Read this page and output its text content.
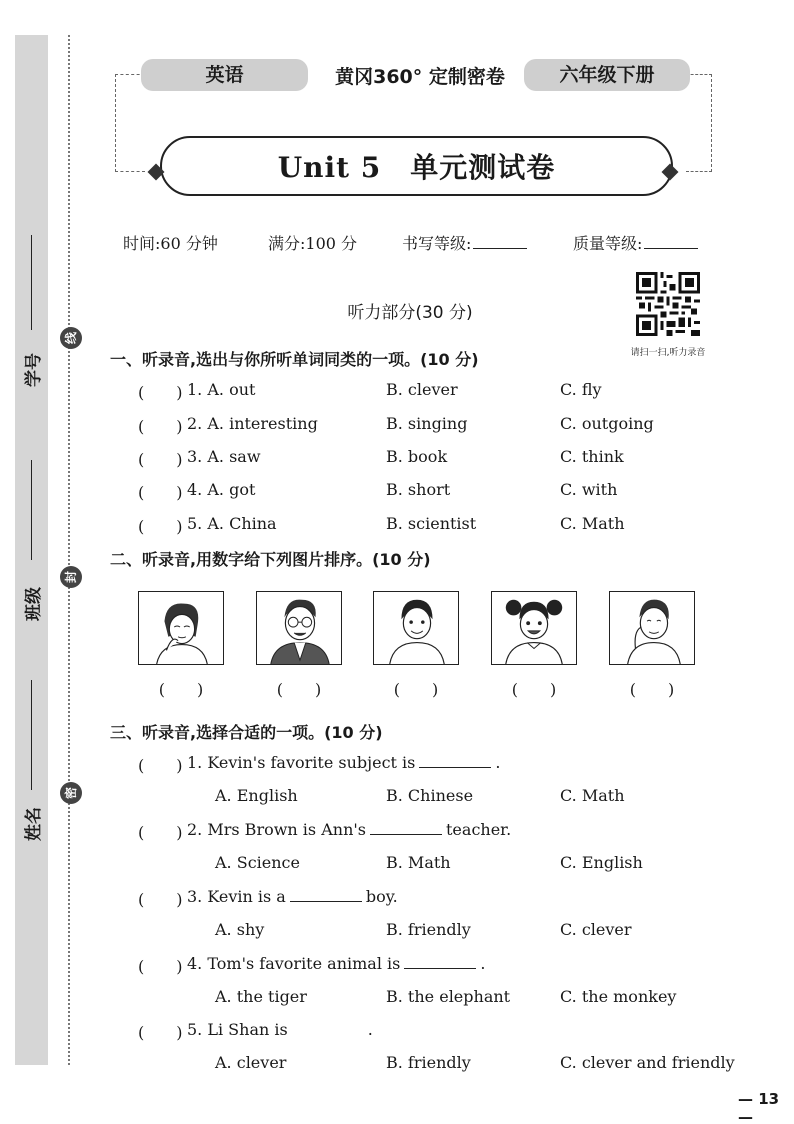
学号
班级
姓名
线
封
密
英语	黄冈360° 定制密卷	六年级下册
Unit 5　单元测试卷
时间:60 分钟	满分:100 分	书写等级:	质量等级:
请扫一扫,听力录音
听力部分(30 分)
一、听录音,选出与你所听单词同类的一项。(10 分)
(　　) 1. A. out	B. clever	C. fly
(　　) 2. A. interesting	B. singing	C. outgoing
(　　) 3. A. saw	B. book	C. think
(　　) 4. A. got	B. short	C. with
(　　) 5. A. China	B. scientist	C. Math
二、听录音,用数字给下列图片排序。(10 分)
(　　)	(　　)	(　　)	(　　)	(　　)
三、听录音,选择合适的一项。(10 分)
(　　) 1. Kevin's favorite subject is	.
A. English	B. Chinese	C. Math
(　　) 2. Mrs Brown is Ann's	teacher.
A. Science	B. Math	C. English
(　　) 3. Kevin is a	boy.
A. shy	B. friendly	C. clever
(　　) 4. Tom's favorite animal is	.
A. the tiger	B. the elephant	C. the monkey
(　　) 5. Li Shan is	.
A. clever	B. friendly	C. clever and friendly
— 13 —
